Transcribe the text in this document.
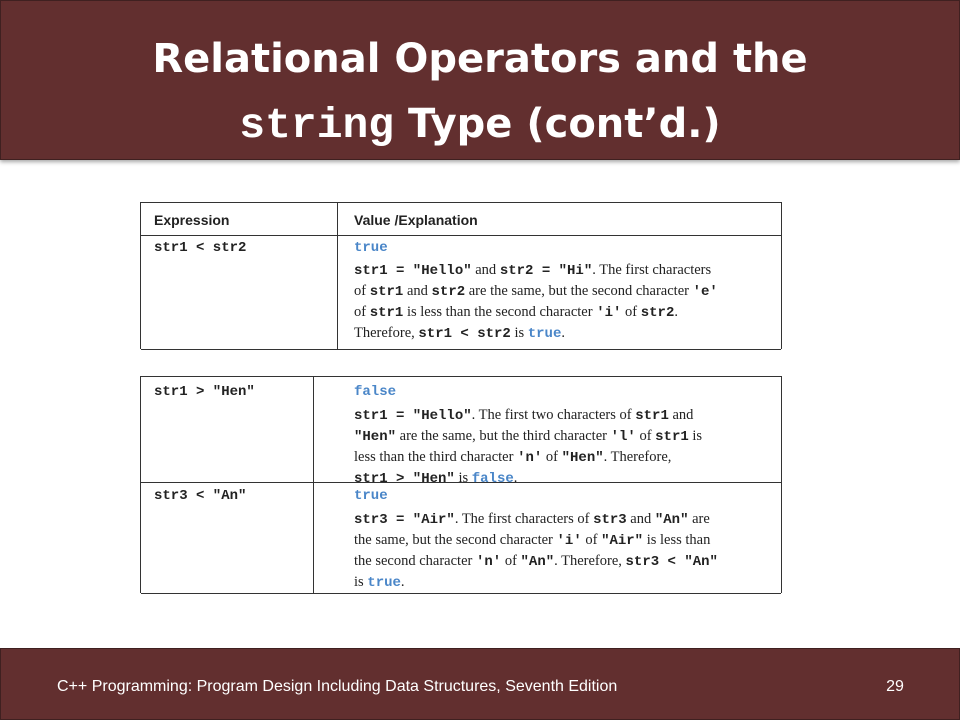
Relational Operators and the
string Type (cont’d.)
Expression	Value /Explanation
str1 < str2	true
str1 = "Hello" and str2 = "Hi". The first characters
of str1 and str2 are the same, but the second character 'e'
of str1 is less than the second character 'i' of str2.
Therefore, str1 < str2 is true.
str1 > "Hen"	false
str1 = "Hello". The first two characters of str1 and
"Hen" are the same, but the third character 'l' of str1 is
less than the third character 'n' of "Hen". Therefore,
str1 > "Hen" is false.
str3 < "An"	true
str3 = "Air". The first characters of str3 and "An" are
the same, but the second character 'i' of "Air" is less than
the second character 'n' of "An". Therefore, str3 < "An"
is true.
C++ Programming: Program Design Including Data Structures, Seventh Edition	29
